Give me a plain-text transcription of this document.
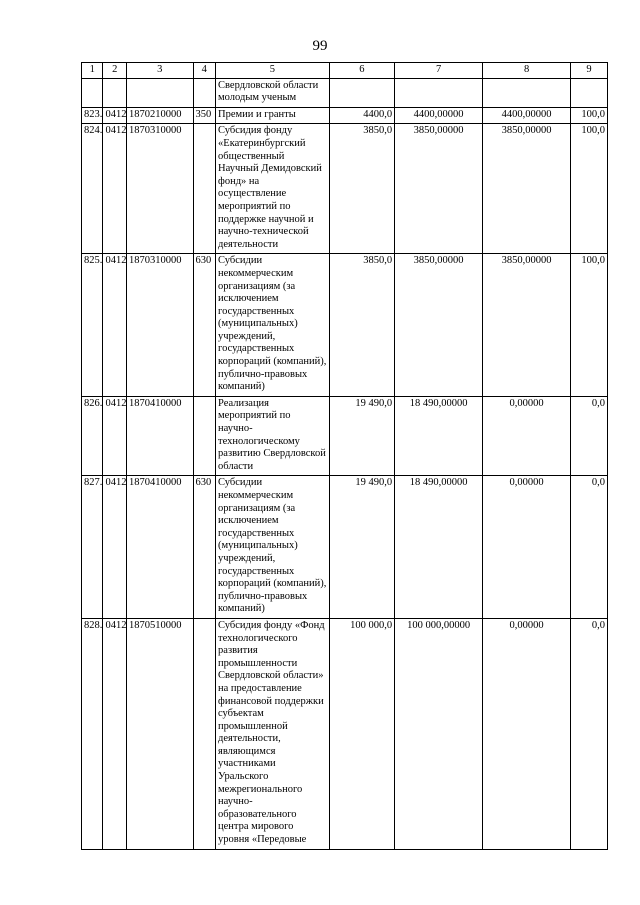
99
1	2	3	4	5	6	7	8	9
				Свердловской области молодым ученым				
823.	0412	1870210000	350	Премии и гранты	4400,0	4400,00000	4400,00000	100,0
824.	0412	1870310000		Субсидия фонду «Екатеринбургский общественный Научный Демидовский фонд» на осуществление мероприятий по поддержке научной и научно-технической деятельности	3850,0	3850,00000	3850,00000	100,0
825.	0412	1870310000	630	Субсидии некоммерческим организациям (за исключением государственных (муниципальных) учреждений, государственных корпораций (компаний), публично-правовых компаний)	3850,0	3850,00000	3850,00000	100,0
826.	0412	1870410000		Реализация мероприятий по научно-технологическому развитию Свердловской области	19 490,0	18 490,00000	0,00000	0,0
827.	0412	1870410000	630	Субсидии некоммерческим организациям (за исключением государственных (муниципальных) учреждений, государственных корпораций (компаний), публично-правовых компаний)	19 490,0	18 490,00000	0,00000	0,0
828.	0412	1870510000		Субсидия фонду «Фонд технологического развития промышленности Свердловской области» на предоставление финансовой поддержки субъектам промышленной деятельности, являющимся участниками Уральского межрегионального научно-образовательного центра мирового уровня «Передовые	100 000,0	100 000,00000	0,00000	0,0
